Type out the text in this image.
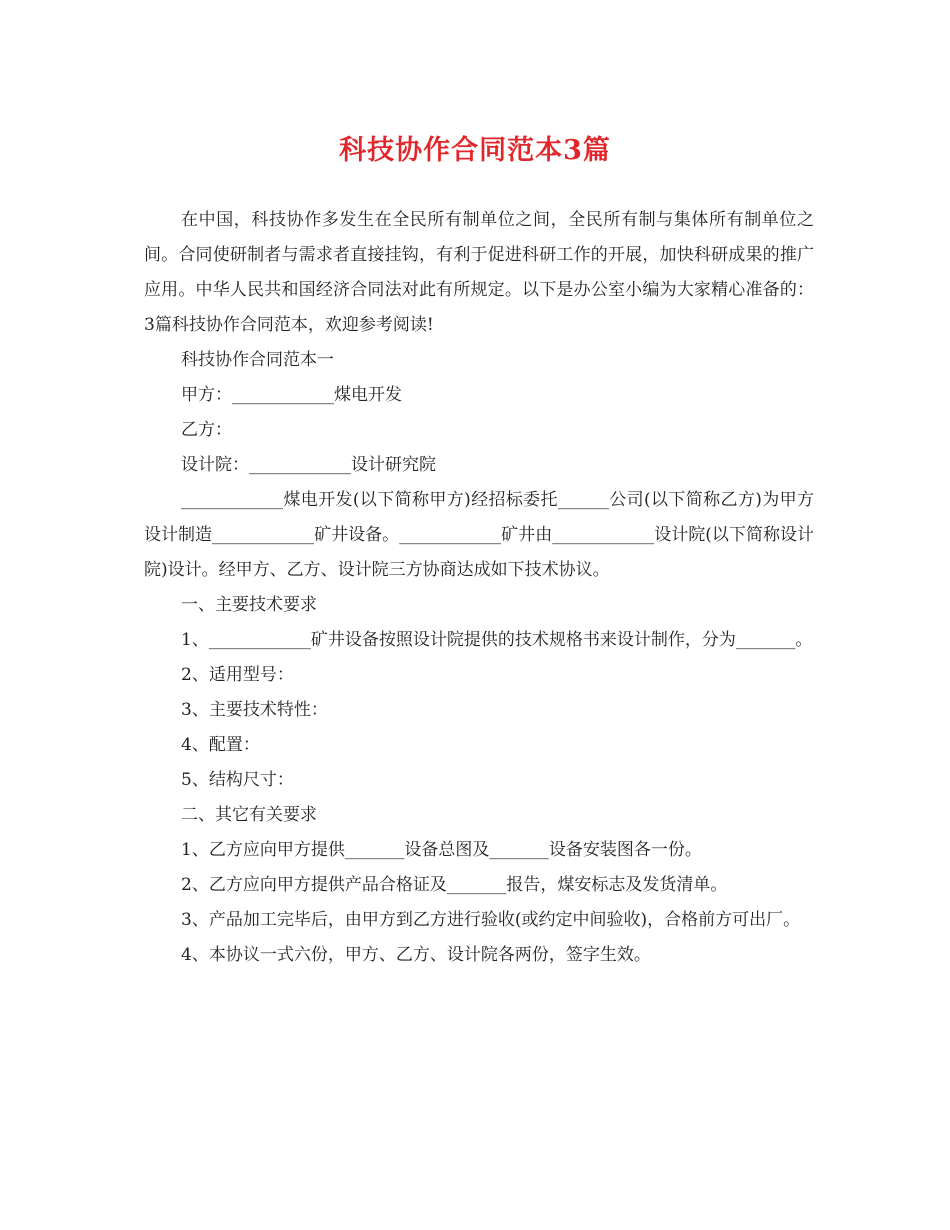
科技协作合同范本3篇

在中国，科技协作多发生在全民所有制单位之间，全民所有制与集体所有制单位之间。合同使研制者与需求者直接挂钩，有利于促进科研工作的开展，加快科研成果的推广应用。中华人民共和国经济合同法对此有所规定。以下是办公室小编为大家精心准备的：3篇科技协作合同范本，欢迎参考阅读!

科技协作合同范本一

甲方：____________煤电开发

乙方：

设计院：____________设计研究院

____________煤电开发(以下简称甲方)经招标委托______公司(以下简称乙方)为甲方设计制造____________矿井设备。____________矿井由____________设计院(以下简称设计院)设计。经甲方、乙方、设计院三方协商达成如下技术协议。

一、主要技术要求

1、____________矿井设备按照设计院提供的技术规格书来设计制作，分为_______。

2、适用型号：

3、主要技术特性：

4、配置：

5、结构尺寸：

二、其它有关要求

1、乙方应向甲方提供_______设备总图及_______设备安装图各一份。

2、乙方应向甲方提供产品合格证及_______报告，煤安标志及发货清单。

3、产品加工完毕后，由甲方到乙方进行验收(或约定中间验收)，合格前方可出厂。

4、本协议一式六份，甲方、乙方、设计院各两份，签字生效。
